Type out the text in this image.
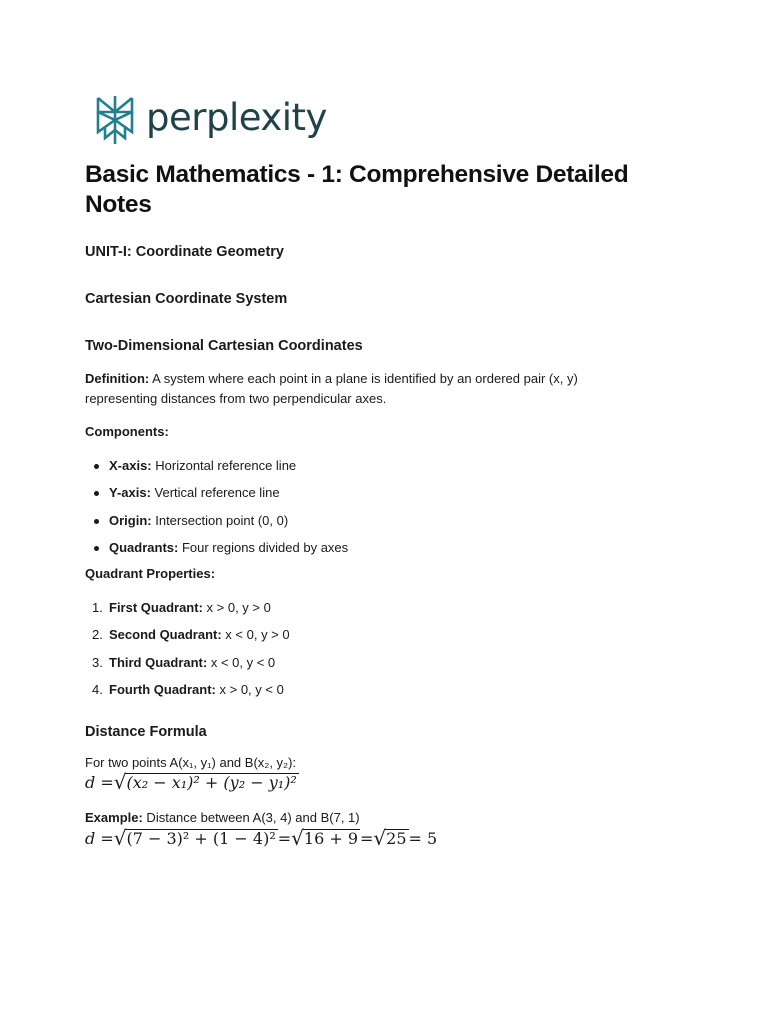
perplexity
Basic Mathematics - 1: Comprehensive Detailed Notes
UNIT-I: Coordinate Geometry
Cartesian Coordinate System
Two-Dimensional Cartesian Coordinates

Definition: A system where each point in a plane is identified by an ordered pair (x, y) representing distances from two perpendicular axes.

Components:
X-axis: Horizontal reference line
Y-axis: Vertical reference line
Origin: Intersection point (0, 0)
Quadrants: Four regions divided by axes
Quadrant Properties:
1. First Quadrant: x > 0, y > 0
2. Second Quadrant: x < 0, y > 0
3. Third Quadrant: x < 0, y < 0
4. Fourth Quadrant: x > 0, y < 0
Distance Formula

For two points A(x₁, y₁) and B(x₂, y₂):

d = √ (x₂ − x₁)² + (y₂ − y₁)²

Example: Distance between A(3, 4) and B(7, 1)

d = √ (7 − 3)² + (1 − 4)² = √ 16 + 9 = √ 25 = 5
